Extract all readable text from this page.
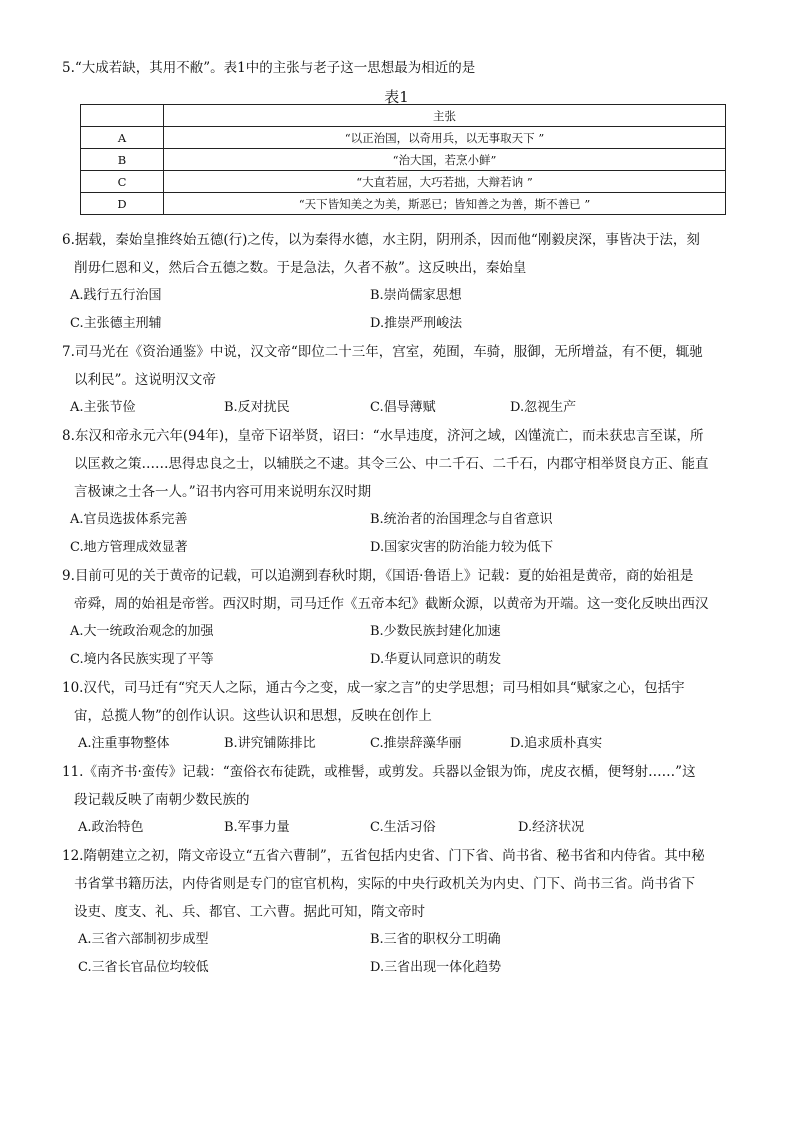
5.“大成若缺，其用不敝”。表1中的主张与老子这一思想最为相近的是
表1
	主张
A	“以正治国，以奇用兵，以无事取天下 ”
B	“治大国，若烹小鲜”
C	“大直若屈，大巧若拙，大辩若讷 ”
D	“天下皆知美之为美，斯恶已；皆知善之为善，斯不善已 ”
6.据载，秦始皇推终始五德(行)之传，以为秦得水德，水主阴，阴刑杀，因而他“刚毅戾深，事皆决于法，刻
削毋仁恩和义，然后合五德之数。于是急法，久者不赦”。这反映出，秦始皇
A.践行五行治国	B.崇尚儒家思想
C.主张德主刑辅	D.推崇严刑峻法
7.司马光在《资治通鉴》中说，汉文帝“即位二十三年，宫室，苑囿，车骑，服御，无所增益，有不便，辄驰
以利民”。这说明汉文帝
A.主张节俭	B.反对扰民	C.倡导薄赋	D.忽视生产
8.东汉和帝永元六年(94年)，皇帝下诏举贤，诏曰：“水旱违度，济河之域，凶馑流亡，而未获忠言至谋，所
以匡救之策……思得忠良之士，以辅朕之不逮。其令三公、中二千石、二千石，内郡守相举贤良方正、能直
言极谏之士各一人。”诏书内容可用来说明东汉时期
A.官员选拔体系完善	B.统治者的治国理念与自省意识
C.地方管理成效显著	D.国家灾害的防治能力较为低下
9.目前可见的关于黄帝的记载，可以追溯到春秋时期，《国语·鲁语上》记载：夏的始祖是黄帝，商的始祖是
帝舜，周的始祖是帝喾。西汉时期，司马迁作《五帝本纪》截断众源，以黄帝为开端。这一变化反映出西汉
A.大一统政治观念的加强	B.少数民族封建化加速
C.境内各民族实现了平等	D.华夏认同意识的萌发
10.汉代，司马迁有“究天人之际，通古今之变，成一家之言”的史学思想；司马相如具“赋家之心，包括宇
宙，总揽人物”的创作认识。这些认识和思想，反映在创作上
A.注重事物整体	B.讲究铺陈排比	C.推崇辞藻华丽	D.追求质朴真实
11.《南齐书·蛮传》记载：“蛮俗衣布徒跣，或椎髻，或剪发。兵器以金银为饰，虎皮衣楯，便弩射……”这
段记载反映了南朝少数民族的
A.政治特色	B.军事力量	C.生活习俗	D.经济状况
12.隋朝建立之初，隋文帝设立“五省六曹制”，五省包括内史省、门下省、尚书省、秘书省和内侍省。其中秘
书省掌书籍历法，内侍省则是专门的宦官机构，实际的中央行政机关为内史、门下、尚书三省。尚书省下
设吏、度支、礼、兵、都官、工六曹。据此可知，隋文帝时
A.三省六部制初步成型	B.三省的职权分工明确
C.三省长官品位均较低	D.三省出现一体化趋势
